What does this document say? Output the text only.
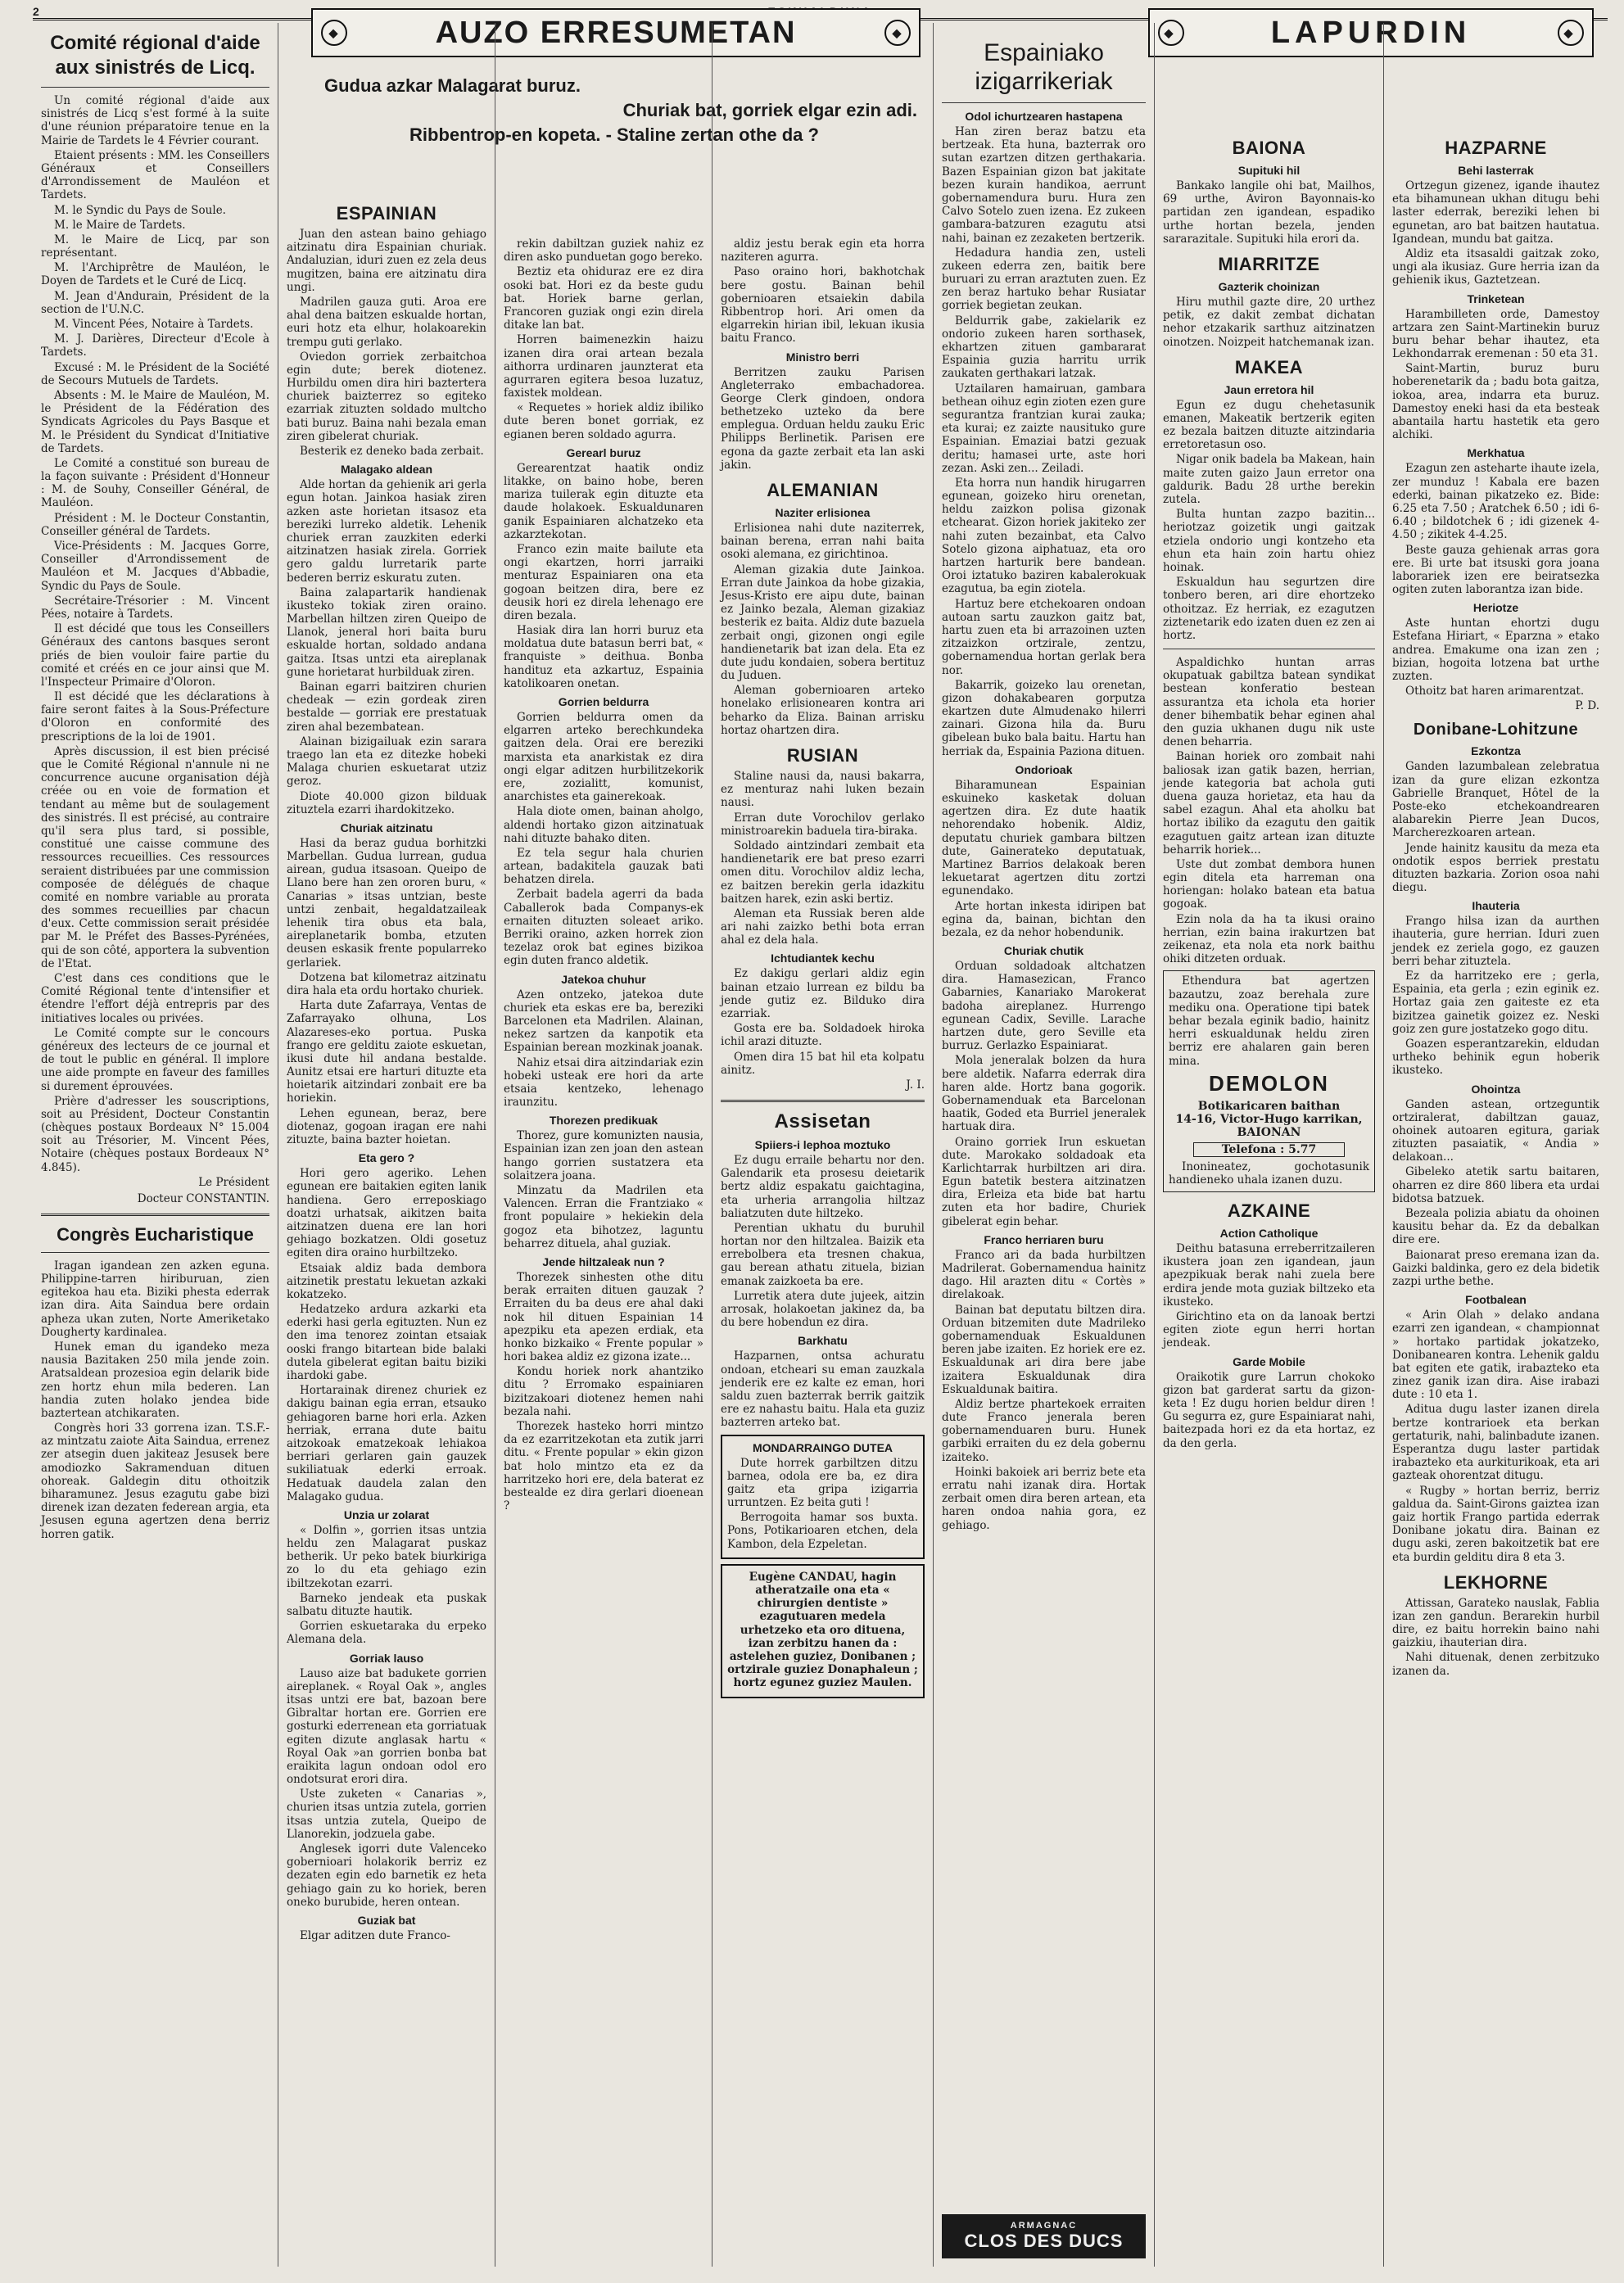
2
◆	AUZO ERRESUMETAN	◆	◆	LAPURDIN	◆
Gudua azkar Malagarat buruz.
Churiak bat, gorriek elgar ezin adi.
Ribbentrop-en kopeta. - Staline zertan othe da ?
Comité régional d'aide aux sinistrés de Licq.

Un comité régional d'aide aux sinistrés de Licq s'est formé à la suite d'une réunion préparatoire tenue en la Mairie de Tardets le 4 Février courant.

Etaient présents : MM. les Conseillers Généraux et Conseillers d'Arrondissement de Mauléon et Tardets.

M. le Syndic du Pays de Soule.

M. le Maire de Tardets.

M. le Maire de Licq, par son représentant.

M. l'Archiprêtre de Mauléon, le Doyen de Tardets et le Curé de Licq.

M. Jean d'Andurain, Président de la section de l'U.N.C.

M. Vincent Pées, Notaire à Tardets.

M. J. Darières, Directeur d'Ecole à Tardets.

Excusé : M. le Président de la Société de Secours Mutuels de Tardets.

Absents : M. le Maire de Mauléon, M. le Président de la Fédération des Syndicats Agricoles du Pays Basque et M. le Président du Syndicat d'Initiative de Tardets.

Le Comité a constitué son bureau de la façon suivante : Président d'Honneur : M. de Souhy, Conseiller Général, de Mauléon.

Président : M. le Docteur Constantin, Conseiller général de Tardets.

Vice-Présidents : M. Jacques Gorre, Conseiller d'Arrondissement de Mauléon et M. Jacques d'Abbadie, Syndic du Pays de Soule.

Secrétaire-Trésorier : M. Vincent Pées, notaire à Tardets.

Il est décidé que tous les Conseillers Généraux des cantons basques seront priés de bien vouloir faire partie du comité et créés en ce jour ainsi que M. l'Inspecteur Primaire d'Oloron.

Il est décidé que les déclarations à faire seront faites à la Sous-Préfecture d'Oloron en conformité des prescriptions de la loi de 1901.

Après discussion, il est bien précisé que le Comité Régional n'annule ni ne concurrence aucune organisation déjà créée ou en voie de formation et tendant au même but de soulagement des sinistrés. Il est précisé, au contraire qu'il sera plus tard, si possible, constitué une caisse commune des ressources recueillies. Ces ressources seraient distribuées par une commission composée de délégués de chaque comité en nombre variable au prorata des sommes recueillies par chacun d'eux. Cette commission serait présidée par M. le Préfet des Basses-Pyrénées, qui de son côté, apportera la subvention de l'Etat.

C'est dans ces conditions que le Comité Régional tente d'intensifier et étendre l'effort déjà entrepris par des initiatives locales ou privées.

Le Comité compte sur le concours généreux des lecteurs de ce journal et de tout le public en général. Il implore une aide prompte en faveur des familles si durement éprouvées.

Prière d'adresser les souscriptions, soit au Président, Docteur Constantin (chèques postaux Bordeaux N° 15.004 soit au Trésorier, M. Vincent Pées, Notaire (chèques postaux Bordeaux N° 4.845).

Le Président
Docteur CONSTANTIN.
Congrès Eucharistique

Iragan igandean zen azken eguna. Philippine-tarren hiriburuan, zien egitekoa hau eta. Biziki phesta ederrak izan dira. Aita Saindua bere ordain apheza ukan zuten, Norte Ameriketako Dougherty kardinalea.

Hunek eman du igandeko meza nausia Bazitaken 250 mila jende zoin. Aratsaldean prozesioa egin delarik bide zen hortz ehun mila bederen. Lan handia zuten holako jendea bide baztertean atchikaraten.

Congrès hori 33 gorrena izan. T.S.F.-az mintzatu zaiote Aita Saindua, errenez zer atsegin duen jakiteaz Jesusek bere amodiozko Sakramenduan dituen ohoreak. Galdegin ditu othoitzik biharamunez. Jesus ezagutu gabe bizi direnek izan dezaten federean argia, eta Jesusen eguna agertzen dena berriz horren gatik.

ESPAINIAN

Juan den astean baino gehiago aitzinatu dira Espainian churiak. Andaluzian, iduri zuen ez zela deus mugitzen, baina ere aitzinatu dira ungi.

Madrilen gauza guti. Aroa ere ahal dena baitzen eskualde hortan, euri hotz eta elhur, holakoarekin trempu guti gerlako.

Oviedon gorriek zerbaitchoa egin dute; berek diotenez. Hurbildu omen dira hiri baztertera churiek baizterrez so egiteko ezarriak zituzten soldado multcho bati buruz. Baina nahi bezala eman ziren gibelerat churiak.

Besterik ez deneko bada zerbait.

Malagako aldean

Alde hortan da gehienik ari gerla egun hotan. Jainkoa hasiak ziren azken aste horietan itsasoz eta bereziki lurreko aldetik. Lehenik churiek erran zauzkiten ederki aitzinatzen hasiak zirela. Gorriek gero galdu lurretarik parte bederen berriz eskuratu zuten.

Baina zalapartarik handienak ikusteko tokiak ziren oraino. Marbellan hiltzen ziren Queipo de Llanok, jeneral hori baita buru eskualde hortan, soldado andana gaitza. Itsas untzi eta aireplanak gune horietarat hurbilduak ziren.

Bainan egarri baitziren churien chedeak — ezin gordeak ziren bestalde — gorriak ere prestatuak ziren ahal bezembatean.

Alainan bizigailuak ezin sarara traego lan eta ez ditezke hobeki Malaga churien eskuetarat utziz geroz.

Diote 40.000 gizon bilduak zituztela ezarri ihardokitzeko.

Churiak aitzinatu

Hasi da beraz gudua borhitzki Marbellan. Gudua lurrean, gudua airean, gudua itsasoan. Queipo de Llano bere han zen ororen buru, « Canarias » itsas untzian, beste untzi zenbait, hegaldatzaileak lehenik tira obus eta bala, aireplanetarik bomba, etzuten deusen eskasik frente popularreko gerlariek.

Dotzena bat kilometraz aitzinatu dira hala eta ordu hortako churiek.

Harta dute Zafarraya, Ventas de Zafarrayako olhuna, Los Alazareses-eko portua. Puska frango ere gelditu zaiote eskuetan, ikusi dute hil andana bestalde. Aunitz etsai ere harturi dituzte eta hoietarik aitzindari zonbait ere ba horiekin.

Lehen egunean, beraz, bere diotenaz, gogoan iragan ere nahi zituzte, baina bazter hoietan.

Eta gero ?

Hori gero ageriko. Lehen egunean ere baitakien egiten lanik handiena. Gero erreposkiago doatzi urhatsak, aikitzen baita aitzinatzen duena ere lan hori gehiago bozkatzen. Oldi gosetuz egiten dira oraino hurbiltzeko.

Etsaiak aldiz bada dembora aitzinetik prestatu lekuetan azkaki kokatzeko.

Hedatzeko ardura azkarki eta ederki hasi gerla egituzten. Nun ez den ima tenorez zointan etsaiak ooski frango bitartean bide balaki dutela gibelerat egitan baitu biziki ihardoki gabe.

Hortarainak direnez churiek ez dakigu bainan egia erran, etsauko gehiagoren barne hori erla. Azken herriak, errana dute baitu aitzokoak ematzekoak lehiakoa berriari gerlaren gain gauzek sukiliatuak ederki erroak. Hedatuak daudela zalan den Malagako gudua.

Unzia ur zolarat

« Dolfin », gorrien itsas untzia heldu zen Malagarat puskaz betherik. Ur peko batek biurkiriga zo lo du eta gehiago ezin ibiltzekotan ezarri.

Barneko jendeak eta puskak salbatu dituzte hautik.

Gorrien eskuetaraka du erpeko Alemana dela.

Gorriak lauso

Lauso aize bat badukete gorrien aireplanek. « Royal Oak », angles itsas untzi ere bat, bazoan bere Gibraltar hortan ere. Gorrien ere gosturki ederrenean eta gorriatuak egiten dizute anglasak hartu « Royal Oak »an gorrien bonba bat eraikita lagun ondoan odol ero ondotsurat erori dira.

Uste zuketen « Canarias », churien itsas untzia zutela, gorrien itsas untzia zutela, Queipo de Llanorekin, jodzuela gabe.

Anglesek igorri dute Valenceko gobernioari holakorik berriz ez dezaten egin edo barnetik ez heta gehiago gain zu ko horiek, beren oneko burubide, heren ontean.

Guziak bat

Elgar aditzen dute Franco-

rekin dabiltzan guziek nahiz ez diren asko punduetan gogo bereko.

Beztiz eta ohiduraz ere ez dira osoki bat. Hori ez da beste gudu bat. Horiek barne gerlan, Francoren guziak ongi ezin direla ditake lan bat.

Horren baimenezkin haizu izanen dira orai artean bezala aithorra urdinaren jaunzterat eta agurraren egitera besoa luzatuz, faxistek moldean.

« Requetes » horiek aldiz ibiliko dute beren bonet gorriak, ez egianen beren soldado agurra.

Gerearl buruz

Gerearentzat haatik ondiz litakke, on baino hobe, beren mariza tuilerak egin dituzte eta daude holakoek. Eskualdunaren ganik Espainiaren alchatzeko eta azkarztekotan.

Franco ezin maite bailute eta ongi ekartzen, horri jarraiki menturaz Espainiaren ona eta gogoan beitzen dira, bere ez deusik hori ez direla lehenago ere diren bezala.

Hasiak dira lan horri buruz eta moldatua dute batasun berri bat, « franquiste » deithua. Bonba handituz eta azkartuz, Espainia katolikoaren onetan.

Gorrien beldurra

Gorrien beldurra omen da elgarren arteko berechkundeka gaitzen dela. Orai ere bereziki marxista eta anarkistak ez dira ongi elgar aditzen hurbilitzekorik ere, zozialitt, komunist, anarchistes eta gainerekoak.

Hala diote omen, bainan aholgo, aldendi hortako gizon aitzinatuak nahi dituzte bahako diten.

Ez tela segur hala churien artean, badakitela gauzak bati behatzen direla.

Zerbait badela agerri da bada Caballerok bada Companys-ek ernaiten dituzten soleaet ariko. Berriki oraino, azken horrek zion tezelaz orok bat egines bizikoa egin duten franco aldetik.

Jatekoa chuhur

Azen ontzeko, jatekoa dute churiek eta eskas ere ba, bereziki Barcelonen eta Madrilen. Alainan, nekez sartzen da kanpotik eta Espainian berean mozkinak joanak.

Nahiz etsai dira aitzindariak ezin hobeki usteak ere hori da arte etsaia kentzeko, lehenago iraunzitu.

Thorezen predikuak

Thorez, gure komunizten nausia, Espainian izan zen joan den astean hango gorrien sustatzera eta solaitzera joana.

Minzatu da Madrilen eta Valencen. Erran die Frantziako « front populaire » hekiekin dela gogoz eta bihotzez, laguntu beharrez dituela, ahal guziak.

Jende hiltzaleak nun ?

Thorezek sinhesten othe ditu berak erraiten dituen gauzak ? Erraiten du ba deus ere ahal daki nok hil dituen Espainian 14 apezpiku eta apezen erdiak, eta honko bizkaiko « Frente popular » hori bakea aldiz ez gizona izate...

Kondu horiek nork ahantziko ditu ? Erromako espainiaren bizitzakoari diotenez hemen nahi bezala nahi.

Thorezek hasteko horri mintzo da ez ezarritzekotan eta zutik jarri ditu. « Frente popular » ekin gizon bat holo mintzo eta ez da harritzeko hori ere, dela baterat ez bestealde ez dira gerlari dioenean ?

aldiz jestu berak egin eta horra naziteren agurra.

Paso oraino hori, bakhotchak bere gostu. Bainan behil gobernioaren etsaiekin dabila Ribbentrop hori. Ari omen da elgarrekin hirian ibil, lekuan ikusia baitu Franco.

Ministro berri

Berritzen zauku Parisen Angleterrako embachadorea. George Clerk gindoen, ondora bethetzeko uzteko da bere emplegua. Orduan heldu zauku Eric Philipps Berlinetik. Parisen ere egona da gazte zerbait eta lan aski jakin.

ALEMANIAN
Naziter erlisionea

Erlisionea nahi dute naziterrek, bainan berena, erran nahi baita osoki alemana, ez girichtinoa.

Aleman gizakia dute Jainkoa. Erran dute Jainkoa da hobe gizakia, Jesus-Kristo ere aipu dute, bainan ez Jainko bezala, Aleman gizakiaz besterik ez baita. Aldiz dute bazuela zerbait ongi, gizonen ongi egile handienetarik bat izan dela. Eta ez dute judu kondaien, sobera bertituz du Juduen.

Aleman gobernioaren arteko honelako erlisionearen kontra ari beharko da Eliza. Bainan arrisku hortaz ohartzen dira.

RUSIAN

Staline nausi da, nausi bakarra, ez menturaz nahi luken bezain nausi.

Erran dute Vorochilov gerlako ministroarekin baduela tira-biraka.

Soldado aintzindari zembait eta handienetarik ere bat preso ezarri omen ditu. Vorochilov aldiz lecha, ez baitzen berekin gerla idazkitu baitzen harek, ezin aski bertiz.

Aleman eta Russiak beren alde ari nahi zaizko bethi bota erran ahal ez dela hala.

Ichtudiantek kechu

Ez dakigu gerlari aldiz egin bainan etzaio lurrean ez bildu ba jende gutiz ez. Bilduko dira ezarriak.

Gosta ere ba. Soldadoek hiroka ichil arazi dituzte.

Omen dira 15 bat hil eta kolpatu ainitz.

J. I.
Assisetan
Spiiers-i lephoa moztuko

Ez dugu erraile behartu nor den. Galendarik eta prosesu deietarik bertz aldiz espakatu gaichtagina, eta urheria arrangolia hiltzaz baliatzuten dute hiltzeko.

Perentian ukhatu du buruhil hortan nor den hiltzalea. Baizik eta errebolbera eta tresnen chakua, gau berean athatu zituela, bizian emanak zaizkoeta ba ere.

Lurretik atera dute jujeek, aitzin arrosak, holakoetan jakinez da, ba du bere hobendun ez dira.

Barkhatu

Hazparnen, ontsa achuratu ondoan, etcheari su eman zauzkala jenderik ere ez kalte ez eman, hori saldu zuen bazterrak berrik gaitzik ere ez nahastu baitu. Hala eta guziz bazterren arteko bat.

MONDARRAINGO DUTEA

Dute horrek garbiltzen ditzu barnea, odola ere ba, ez dira gaitz eta gripa izigarria urruntzen. Ez beita guti !

Berrogoita hamar sos buxta. Pons, Potikarioaren etchen, dela Kambon, dela Ezpeletan.

Eugène CANDAU, hagin atheratzaile ona eta « chirurgien dentiste » ezagutuaren medela urhetzeko eta oro dituena, izan zerbitzu hanen da : astelehen guziez, Donibanen ; ortzirale guziez Donaphaleun ; hortz egunez guziez Maulen.

Espainiako
izigarrikeriak
Odol ichurtzearen hastapena

Han ziren beraz batzu eta bertzeak. Eta huna, bazterrak oro sutan ezartzen ditzen gerthakaria. Bazen Espainian gizon bat jakitate bezen kurain handikoa, aerrunt gobernamendura buru. Hura zen Calvo Sotelo zuen izena. Ez zukeen gambara-batzuren ezagutu atsi nahi, bainan ez zezaketen bertzerik.

Hedadura handia zen, usteli zukeen ederra zen, baitik bere buruari zu erran araztuten zuen. Ez zen beraz hartuko behar Rusiatar gorriek begietan zeukan.

Beldurrik gabe, zakielarik ez ondorio zukeen haren sorthasek, ekhartzen zituen gambararat Espainia guzia harritu urrik zaukaten gerthakari latzak.

Uztailaren hamairuan, gambara bethean oihuz egin zioten ezen gure segurantza frantzian kurai zauka; eta kurai; ez zaizte nausituko gure Espainian. Emaziai batzi gezuak deritu; hamasei urte, aste hori zezan. Aski zen... Zeiladi.

Eta horra nun handik hirugarren egunean, goizeko hiru orenetan, heldu zaizkon polisa gizonak etchearat. Gizon horiek jakiteko zer nahi zuten bezainbat, eta Calvo Sotelo gizona aiphatuaz, eta oro hartzen harturik bere bandean. Oroi iztatuko baziren kabalerokuak ezagutua, ba egin ziotela.

Hartuz bere etchekoaren ondoan autoan sartu zauzkon gaitz bat, hartu zuen eta bi arrazoinen uzten zitzaizkon ortzirale, zentzu, gobernamendua hortan gerlak bera nor.

Bakarrik, goizeko lau orenetan, gizon dohakabearen gorputza ekartzen dute Almudenako hilerri zainari. Gizona hila da. Buru gibelean buko bala baitu. Hartu han herriak da, Espainia Paziona dituen.

Ondorioak

Biharamunean Espainian eskuineko kasketak doluan agertzen dira. Ez dute haatik nehorendako hobenik. Aldiz, deputatu churiek gambara biltzen dute, Gainerateko deputatuak, Martinez Barrios delakoak beren lekuetarat agertzen ditu zortzi egunendako.

Arte hortan inkesta idiripen bat egina da, bainan, bichtan den bezala, ez da nehor hobendunik.

Churiak chutik

Orduan soldadoak altchatzen dira. Hamasezican, Franco Gabarnies, Kanariako Marokerat badoha aireplanez. Hurrengo egunean Cadix, Seville. Larache hartzen dute, gero Seville eta burruz. Gerlazko Espainiarat.

Mola jeneralak bolzen da hura bere aldetik. Nafarra ederrak dira haren alde. Hortz bana gogorik. Gobernamenduak eta Barcelonan haatik, Goded eta Burriel jeneralek hartuak dira.

Oraino gorriek Irun eskuetan dute. Marokako soldadoak eta Karlichtarrak hurbiltzen ari dira. Egun batetik bestera aitzinatzen dira, Erleiza eta bide bat hartu zuten eta hor badire, Churiek gibelerat egin behar.

Franco herriaren buru

Franco ari da bada hurbiltzen Madrilerat. Gobernamendua hainitz dago. Hil arazten ditu « Cortès » direlakoak.

Bainan bat deputatu biltzen dira. Orduan bitzemiten dute Madrileko gobernamenduak Eskualdunen beren jabe izaiten. Ez horiek ere ez. Eskualdunak ari dira bere jabe izaitera Eskualdunak dira Eskualdunak baitira.

Aldiz bertze phartekoek erraiten dute Franco jenerala beren gobernamenduaren buru. Hunek garbiki erraiten du ez dela gobernu izaiteko.

Hoinki bakoiek ari berriz bete eta erratu nahi izanak dira. Hortak zerbait omen dira beren artean, eta haren ondoa nahia gora, ez gehiago.

ARMAGNAC
CLOS DES DUCS
BAIONA
Supituki hil

Bankako langile ohi bat, Mailhos, 69 urthe, Aviron Bayonnais-ko partidan zen igandean, espadiko urthe hortan bezela, jenden sararazitale. Supituki hila erori da.

MIARRITZE
Gazterik choinizan

Hiru muthil gazte dire, 20 urthez petik, ez dakit zembat dichatan nehor etzakarik sarthuz aitzinatzen oinotzen. Noizpeit hatchemanak izan.

MAKEA
Jaun erretora hil

Egun ez dugu chehetasunik emanen, Makeatik bertzerik egiten ez bezala baitzen dituzte aitzindaria erretoretasun oso.

Nigar onik badela ba Makean, hain maite zuten gaizo Jaun erretor ona galdurik. Badu 28 urthe berekin zutela.

Bulta huntan zazpo bazitin... heriotzaz goizetik ungi gaitzak etziela ondorio ungi kontzeho eta ehun eta hain zoin hartu ohiez hoinak.

Eskualdun hau segurtzen dire tonbero beren, ari dire ehortzeko othoitzaz. Ez herriak, ez ezagutzen ziztenetarik edo izaten duen ez zen ai hortz.

Aspaldichko huntan arras okupatuak gabiltza batean syndikat bestean konferatio bestean assurantza eta ichola eta horier dener bihembatik behar eginen ahal den guzia ukhanen dugu nik uste denen beharria.

Bainan horiek oro zombait nahi baliosak izan gatik bazen, herrian, jende kategoria bat achola guti duena gauza horietaz, eta hau da sabel ezagun. Ahal eta aholku bat hortaz ibiliko da ezagutu den gaitik ezagutuen gaitz artean izan dituzte beharrik horiek...

Uste dut zombat dembora hunen egin ditela eta harreman ona horiengan: holako batean eta batua gogoak.

Ezin nola da ha ta ikusi oraino herrian, ezin baina irakurtzen bat zeikenaz, eta nola eta nork baithu ohiki ditzeten orduak.

Ethendura bat agertzen bazautzu, zoaz berehala zure mediku ona. Operatione tipi batek behar bezala eginik badio, hainitz herri eskualdunak heldu ziren berriz ere ahalaren gain beren mina.

DEMOLON
Botikaricaren baithan
14-16, Victor-Hugo karrikan,
BAIONAN
Telefona : 5.77

Inonineatez, gochotasunik handieneko uhala izanen duzu.

AZKAINE
Action Catholique

Deithu batasuna erreberritzaileren ikustera joan zen igandean, jaun apezpikuak berak nahi zuela bere erdira jende mota guziak biltzeko eta ikusteko.

Girichtino eta on da lanoak bertzi egiten ziote egun herri hortan jendeak.

Garde Mobile

Oraikotik gure Larrun chokoko gizon bat garderat sartu da gizon-keta ! Ez dugu horien beldur diren ! Gu segurra ez, gure Espainiarat nahi, baitezpada hori ez da eta hortaz, ez da den gerla.

HAZPARNE
Behi lasterrak

Ortzegun gizenez, igande ihautez eta bihamunean ukhan ditugu behi laster ederrak, bereziki lehen bi egunetan, aro bat baitzen hautatua. Igandean, mundu bat gaitza.

Aldiz eta itsasaldi gaitzak zoko, ungi ala ikusiaz. Gure herria izan da gehienik ikus, Gaztetzean.

Trinketean

Harambilleten orde, Damestoy artzara zen Saint-Martinekin buruz buru behar behar ihautez, eta Lekhondarrak eremenan : 50 eta 31.

Saint-Martin, buruz buru hoberenetarik da ; badu bota gaitza, iokoa, area, indarra eta buruz. Damestoy eneki hasi da eta besteak abantaila hartu hastetik eta gero alchiki.

Merkhatua

Ezagun zen asteharte ihaute izela, zer munduz ! Kabala ere bazen ederki, bainan pikatzeko ez. Bide: 6.25 eta 7.50 ; Aratchek 6.50 ; idi 6-6.40 ; bildotchek 6 ; idi gizenek 4-4.50 ; zikitek 4-4.25.

Beste gauza gehienak arras gora ere. Bi urte bat itsuski gora joana laborariek izen ere beiratsezka ogiten zuten laborantza izan bide.

Heriotze

Aste huntan ehortzi dugu Estefana Hiriart, « Eparzna » etako andrea. Emakume ona izan zen ; bizian, hogoita lotzena bat urthe zuzten.

Othoitz bat haren arimarentzat.

P. D.
Donibane-Lohitzune
Ezkontza

Ganden lazumbalean zelebratua izan da gure elizan ezkontza Gabrielle Branquet, Hôtel de la Poste-eko etchekoandrearen alabarekin Pierre Jean Ducos, Marcherezkoaren artean.

Jende hainitz kausitu da meza eta ondotik espos berriek prestatu dituzten bazkaria. Zorion osoa nahi diegu.

Ihauteria

Frango hilsa izan da aurthen ihauteria, gure herrian. Iduri zuen jendek ez zeriela gogo, ez gauzen berri behar zituztela.

Ez da harritzeko ere ; gerla, Espainia, eta gerla ; ezin eginik ez. Hortaz gaia zen gaiteste ez eta bizitzea gainetik goizez ez. Neski goiz zen gure jostatzeko gogo ditu.

Goazen esperantzarekin, eldudan urtheko behinik egun hoberik ikusteko.

Ohointza

Ganden astean, ortzeguntik ortziralerat, dabiltzan gauaz, ohoinek autoaren egitura, gariak zituzten pasaiatik, « Andia » delakoan...

Gibeleko atetik sartu baitaren, oharren ez dire 860 libera eta urdai bidotsa batzuek.

Bezeala polizia abiatu da ohoinen kausitu behar da. Ez da debalkan dire ere.

Baionarat preso eremana izan da. Gaizki baldinka, gero ez dela bidetik zazpi urthe bethe.

Footbalean

« Arin Olah » delako andana ezarri zen igandean, « championnat » hortako partidak jokatzeko, Donibanearen kontra. Lehenik galdu bat egiten ete gatik, irabazteko eta zinez ganik izan dira. Aise irabazi dute : 10 eta 1.

Aditua dugu laster izanen direla bertze kontrarioek eta berkan gertaturik, nahi, balinbadute izanen. Esperantza dugu laster partidak irabazteko eta aurkiturikoak, eta ari gazteak ohorentzat ditugu.

« Rugby » hortan berriz, berriz galdua da. Saint-Girons gaiztea izan gaiz hortik Frango partida ederrak Donibane jokatu dira. Bainan ez dugu aski, zeren bakoitzetik bat ere eta burdin gelditu dira 8 eta 3.

LEKHORNE

Attissan, Garateko nauslak, Fablia izan zen gandun. Berarekin hurbil dire, ez baitu horrekin baino nahi gaizkiu, ihauterian dira.

Nahi dituenak, denen zerbitzuko izanen da.
